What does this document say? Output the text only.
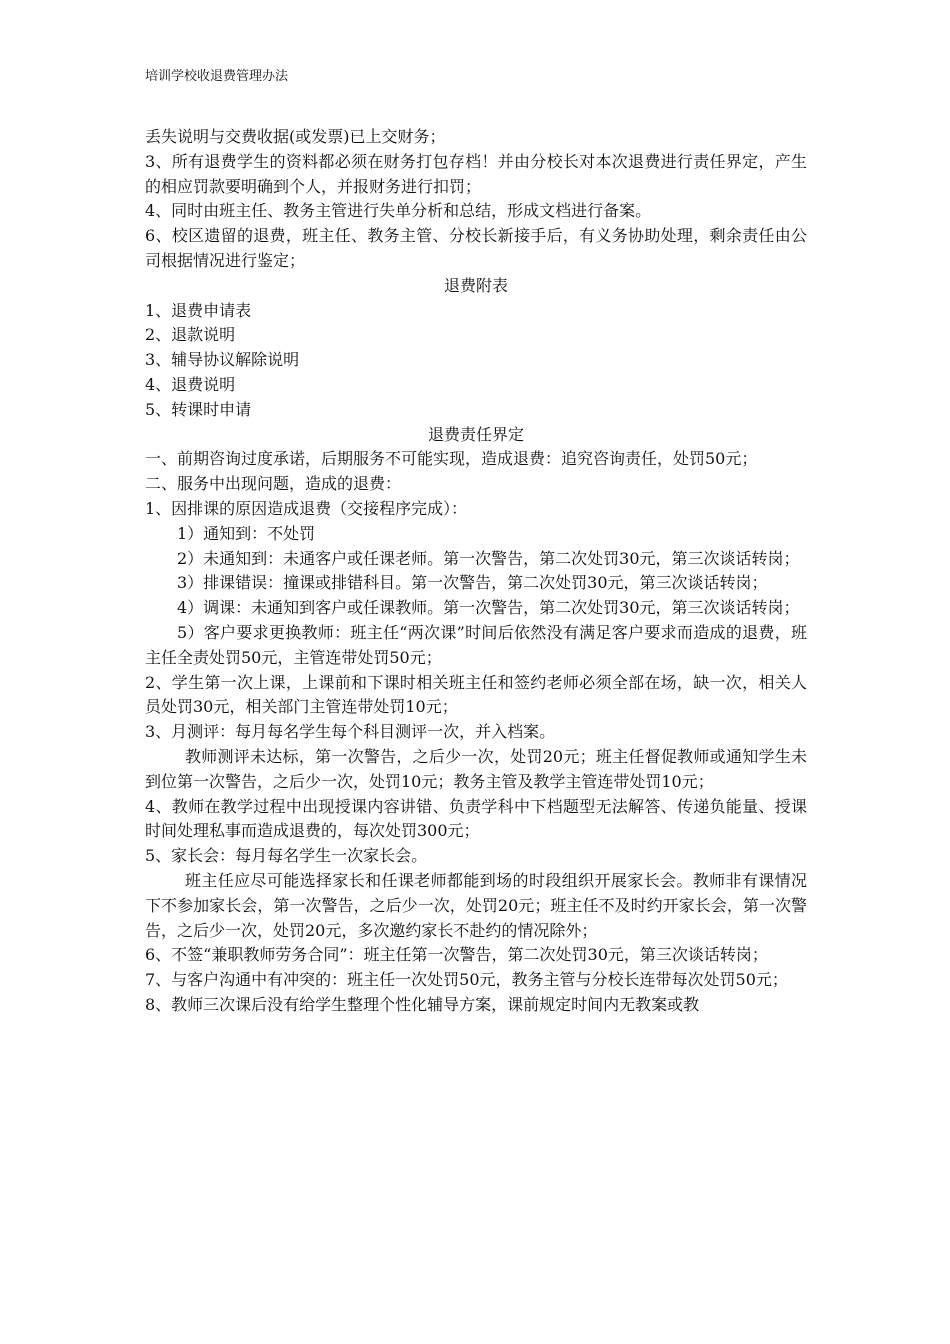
培训学校收退费管理办法

丢失说明与交费收据(或发票)已上交财务；

3、所有退费学生的资料都必须在财务打包存档！并由分校长对本次退费进行责任界定，产生的相应罚款要明确到个人，并报财务进行扣罚；

4、同时由班主任、教务主管进行失单分析和总结，形成文档进行备案。

6、校区遗留的退费，班主任、教务主管、分校长新接手后，有义务协助处理，剩余责任由公司根据情况进行鉴定；

退费附表

1、退费申请表

2、退款说明

3、辅导协议解除说明

4、退费说明

5、转课时申请

退费责任界定

一、前期咨询过度承诺，后期服务不可能实现，造成退费：追究咨询责任，处罚50元；

二、服务中出现问题，造成的退费：

1、因排课的原因造成退费（交接程序完成）：

1）通知到：不处罚

2）未通知到：未通客户或任课老师。第一次警告，第二次处罚30元，第三次谈话转岗；

3）排课错误：撞课或排错科目。第一次警告，第二次处罚30元，第三次谈话转岗；

4）调课：未通知到客户或任课教师。第一次警告，第二次处罚30元，第三次谈话转岗；

5）客户要求更换教师：班主任“两次课”时间后依然没有满足客户要求而造成的退费，班主任全责处罚50元，主管连带处罚50元；

2、学生第一次上课，上课前和下课时相关班主任和签约老师必须全部在场，缺一次，相关人员处罚30元，相关部门主管连带处罚10元；

3、月测评：每月每名学生每个科目测评一次，并入档案。

教师测评未达标，第一次警告，之后少一次，处罚20元；班主任督促教师或通知学生未到位第一次警告，之后少一次，处罚10元；教务主管及教学主管连带处罚10元；

4、教师在教学过程中出现授课内容讲错、负责学科中下档题型无法解答、传递负能量、授课时间处理私事而造成退费的，每次处罚300元；

5、家长会：每月每名学生一次家长会。

班主任应尽可能选择家长和任课老师都能到场的时段组织开展家长会。教师非有课情况下不参加家长会，第一次警告，之后少一次，处罚20元；班主任不及时约开家长会，第一次警告，之后少一次，处罚20元，多次邀约家长不赴约的情况除外；

6、不签“兼职教师劳务合同”：班主任第一次警告，第二次处罚30元，第三次谈话转岗；

7、与客户沟通中有冲突的：班主任一次处罚50元，教务主管与分校长连带每次处罚50元；

8、教师三次课后没有给学生整理个性化辅导方案，课前规定时间内无教案或教
